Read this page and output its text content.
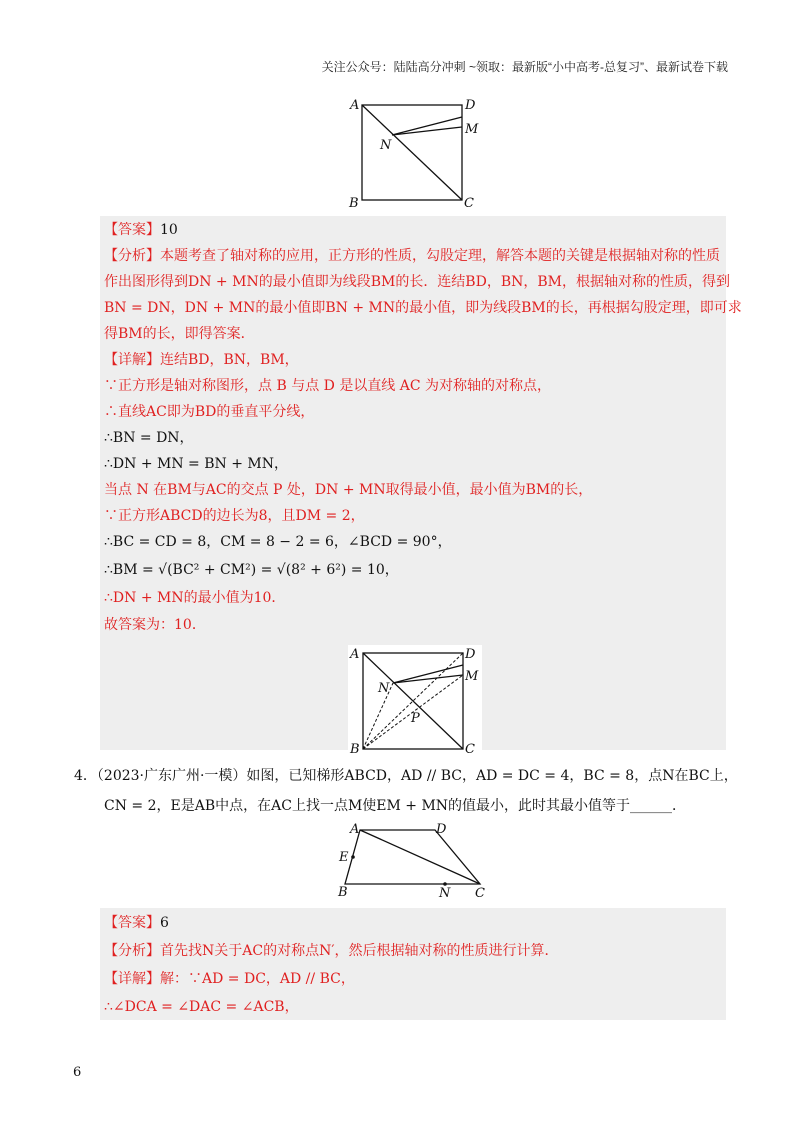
关注公众号：陆陆高分冲刺 ~领取：最新版“小中高考-总复习”、最新试卷下载
A	D
M
N
B	C
【答案】10
【分析】本题考查了轴对称的应用，正方形的性质，勾股定理，解答本题的关键是根据轴对称的性质
作出图形得到DN + MN的最小值即为线段BM的长．连结BD，BN，BM，根据轴对称的性质，得到
BN = DN，DN + MN的最小值即BN + MN的最小值，即为线段BM的长，再根据勾股定理，即可求
得BM的长，即得答案．
【详解】连结BD，BN，BM，
∵正方形是轴对称图形，点 B 与点 D 是以直线 AC 为对称轴的对称点，
∴直线AC即为BD的垂直平分线，
∴BN = DN，
∴DN + MN = BN + MN，
当点 N 在BM与AC的交点 P 处，DN + MN取得最小值，最小值为BM的长，
∵正方形ABCD的边长为8，且DM = 2，
∴BC = CD = 8，CM = 8 − 2 = 6，∠BCD = 90°，
∴BM = √(BC² + CM²) = √(8² + 6²) = 10，
∴DN + MN的最小值为10．
故答案为：10．
A	D
M
N
P
B	C
4．（2023·广东广州·一模）如图，已知梯形ABCD，AD // BC，AD = DC = 4，BC = 8，点N在BC上，
CN = 2，E是AB中点，在AC上找一点M使EM + MN的值最小，此时其最小值等于______．
A	D
E
B	N C
【答案】6
【分析】首先找N关于AC的对称点N′，然后根据轴对称的性质进行计算．
【详解】解：∵AD = DC，AD // BC，
∴∠DCA = ∠DAC = ∠ACB，
6
